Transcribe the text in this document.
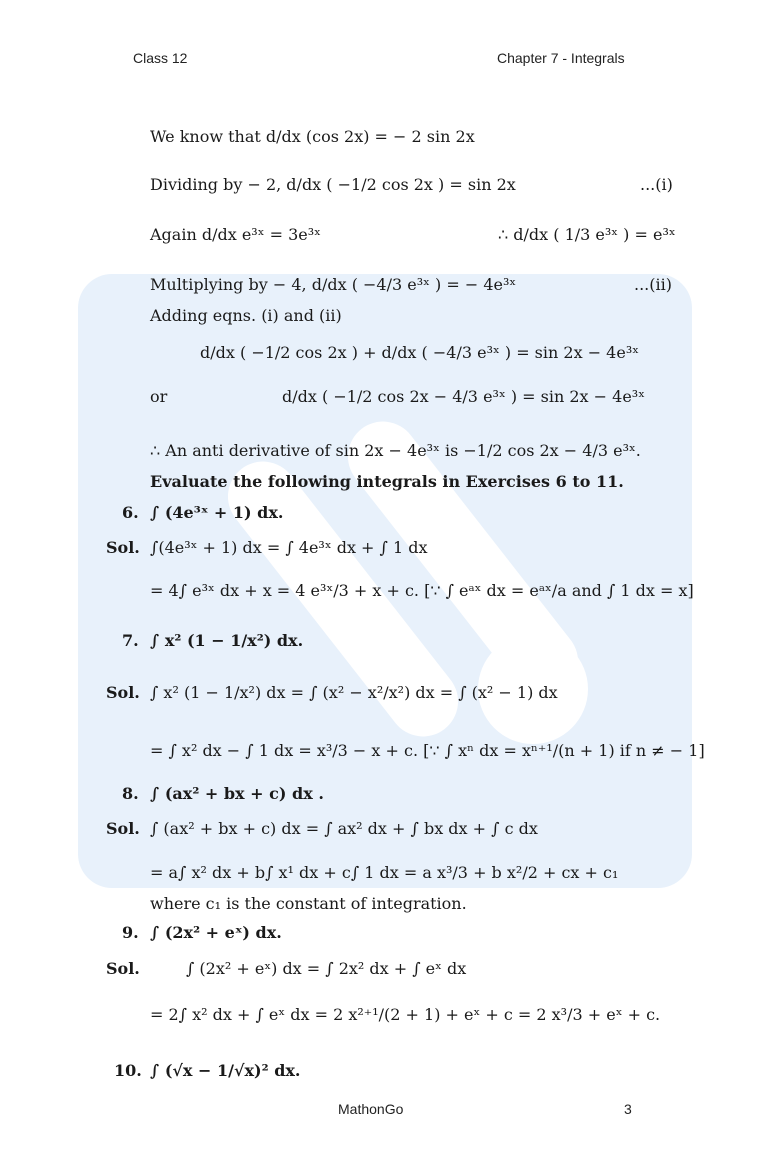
Class 12	Chapter 7 - Integrals
We know that d/dx (cos 2x) = − 2 sin 2x
Dividing by − 2, d/dx ( −1/2 cos 2x ) = sin 2x	...(i)
Again d/dx e³ˣ = 3e³ˣ	∴ d/dx ( 1/3 e³ˣ ) = e³ˣ
Multiplying by − 4, d/dx ( −4/3 e³ˣ ) = − 4e³ˣ	...(ii)
Adding eqns. (i) and (ii)
d/dx ( −1/2 cos 2x ) + d/dx ( −4/3 e³ˣ ) = sin 2x − 4e³ˣ
or	d/dx ( −1/2 cos 2x − 4/3 e³ˣ ) = sin 2x − 4e³ˣ
∴ An anti derivative of sin 2x − 4e³ˣ is −1/2 cos 2x − 4/3 e³ˣ.
Evaluate the following integrals in Exercises 6 to 11.
6. ∫ (4e³ˣ + 1) dx.
Sol. ∫(4e³ˣ + 1) dx = ∫ 4e³ˣ dx + ∫ 1 dx
= 4∫ e³ˣ dx + x = 4 e³ˣ/3 + x + c. [∵ ∫ eᵃˣ dx = eᵃˣ/a and ∫ 1 dx = x]
7. ∫ x² (1 − 1/x²) dx.
Sol. ∫ x² (1 − 1/x²) dx = ∫ (x² − x²/x²) dx = ∫ (x² − 1) dx
= ∫ x² dx − ∫ 1 dx = x³/3 − x + c. [∵ ∫ xⁿ dx = xⁿ⁺¹/(n + 1) if n ≠ − 1]
8. ∫ (ax² + bx + c) dx .
Sol. ∫ (ax² + bx + c) dx = ∫ ax² dx + ∫ bx dx + ∫ c dx
= a∫ x² dx + b∫ x¹ dx + c∫ 1 dx = a x³/3 + b x²/2 + cx + c₁
where c₁ is the constant of integration.
9. ∫ (2x² + eˣ) dx.
Sol.	∫ (2x² + eˣ) dx = ∫ 2x² dx + ∫ eˣ dx
= 2∫ x² dx + ∫ eˣ dx = 2 x²⁺¹/(2 + 1) + eˣ + c = 2 x³/3 + eˣ + c.
10. ∫ (√x − 1/√x)² dx.
MathonGo	3
